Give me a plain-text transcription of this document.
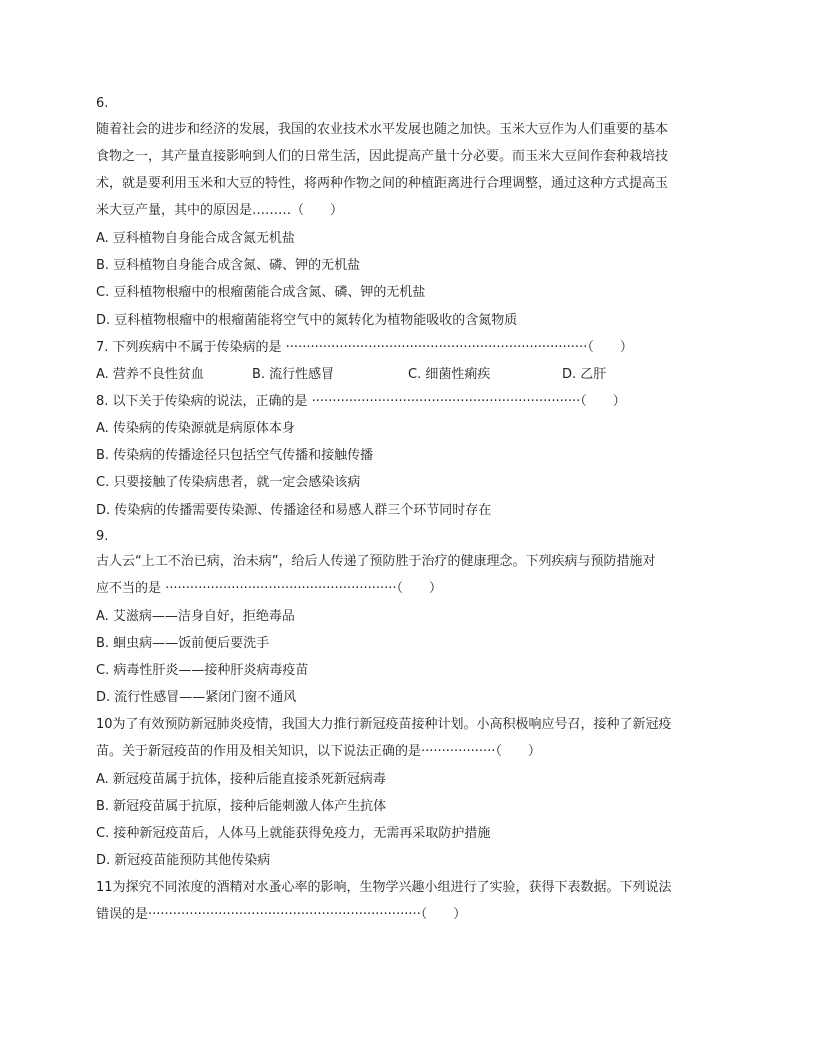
6.
随着社会的进步和经济的发展，我国的农业技术水平发展也随之加快。玉米大豆作为人们重要的基本
食物之一，其产量直接影响到人们的日常生活，因此提高产量十分必要。而玉米大豆间作套种栽培技
术，就是要利用玉米和大豆的特性，将两种作物之间的种植距离进行合理调整，通过这种方式提高玉
米大豆产量，其中的原因是………（　　）
A. 豆科植物自身能合成含氮无机盐
B. 豆科植物自身能合成含氮、磷、钾的无机盐
C. 豆科植物根瘤中的根瘤菌能合成含氮、磷、钾的无机盐
D. 豆科植物根瘤中的根瘤菌能将空气中的氮转化为植物能吸收的含氮物质
7. 下列疾病中不属于传染病的是 ·········································································（　　）
A. 营养不良性贫血	B. 流行性感冒	C. 细菌性痢疾	D. 乙肝
8. 以下关于传染病的说法，正确的是 ·································································（　　）
A. 传染病的传染源就是病原体本身
B. 传染病的传播途径只包括空气传播和接触传播
C. 只要接触了传染病患者，就一定会感染该病
D. 传染病的传播需要传染源、传播途径和易感人群三个环节同时存在
9.
古人云“上工不治已病，治未病”，给后人传递了预防胜于治疗的健康理念。下列疾病与预防措施对
应不当的是 ························································（　　）
A. 艾滋病——洁身自好，拒绝毒品
B. 蛔虫病——饭前便后要洗手
C. 病毒性肝炎——接种肝炎病毒疫苗
D. 流行性感冒——紧闭门窗不通风
10为了有效预防新冠肺炎疫情，我国大力推行新冠疫苗接种计划。小高积极响应号召，接种了新冠疫
苗。关于新冠疫苗的作用及相关知识，以下说法正确的是··················（　　）
A. 新冠疫苗属于抗体，接种后能直接杀死新冠病毒
B. 新冠疫苗属于抗原，接种后能刺激人体产生抗体
C. 接种新冠疫苗后，人体马上就能获得免疫力，无需再采取防护措施
D. 新冠疫苗能预防其他传染病
11为探究不同浓度的酒精对水蚤心率的影响，生物学兴趣小组进行了实验，获得下表数据。下列说法
错误的是··································································（　　）
